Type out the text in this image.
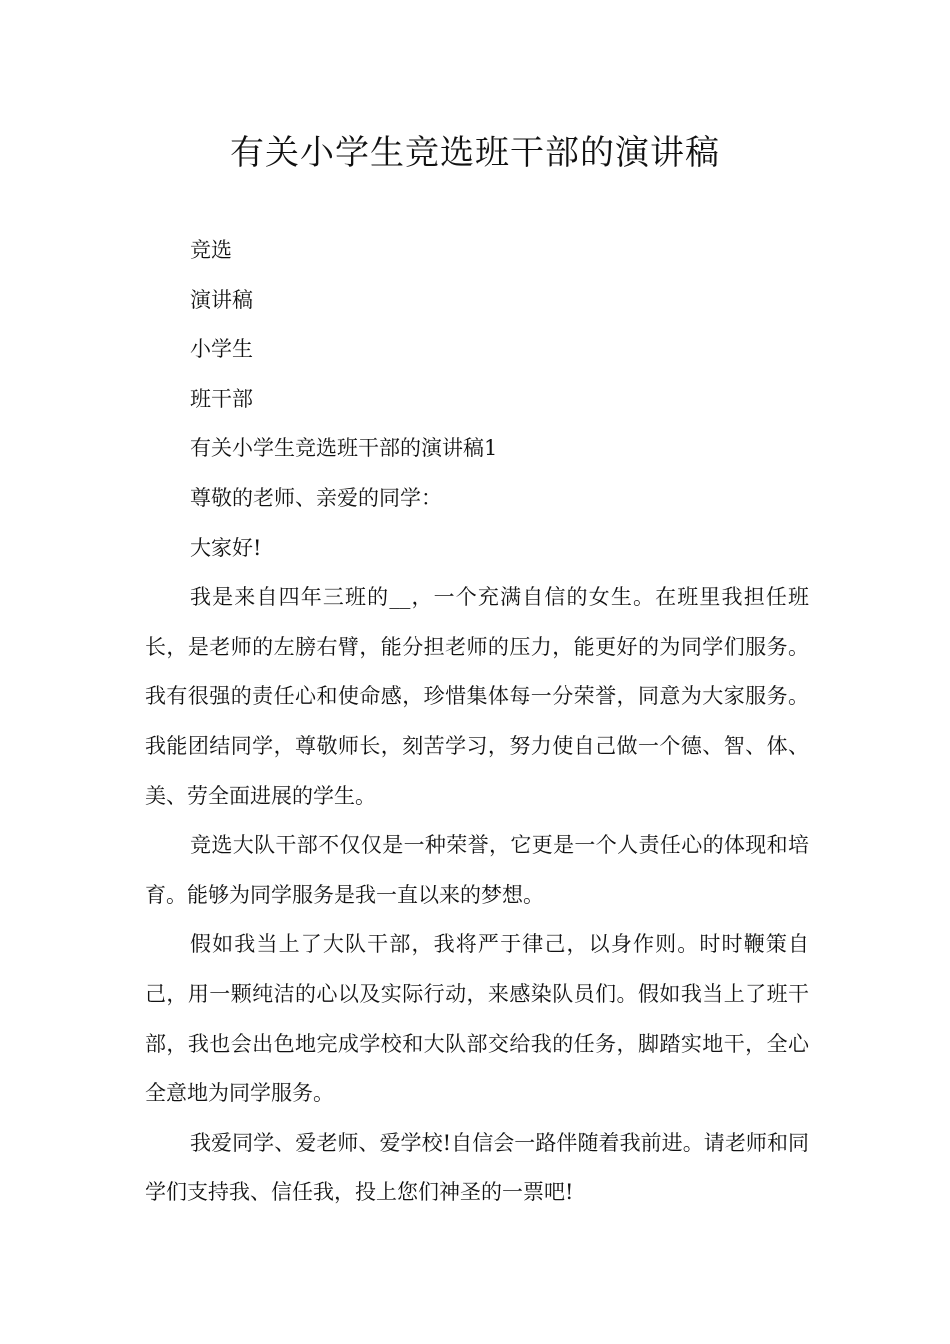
有关小学生竞选班干部的演讲稿

竞选

演讲稿

小学生

班干部

有关小学生竞选班干部的演讲稿1

尊敬的老师、亲爱的同学：

大家好!

我是来自四年三班的__，一个充满自信的女生。在班里我担任班长，是老师的左膀右臂，能分担老师的压力，能更好的为同学们服务。我有很强的责任心和使命感，珍惜集体每一分荣誉，同意为大家服务。我能团结同学，尊敬师长，刻苦学习，努力使自己做一个德、智、体、美、劳全面进展的学生。

竞选大队干部不仅仅是一种荣誉，它更是一个人责任心的体现和培育。能够为同学服务是我一直以来的梦想。

假如我当上了大队干部，我将严于律己，以身作则。时时鞭策自己，用一颗纯洁的心以及实际行动，来感染队员们。假如我当上了班干部，我也会出色地完成学校和大队部交给我的任务，脚踏实地干，全心全意地为同学服务。

我爱同学、爱老师、爱学校!自信会一路伴随着我前进。请老师和同学们支持我、信任我，投上您们神圣的一票吧!
